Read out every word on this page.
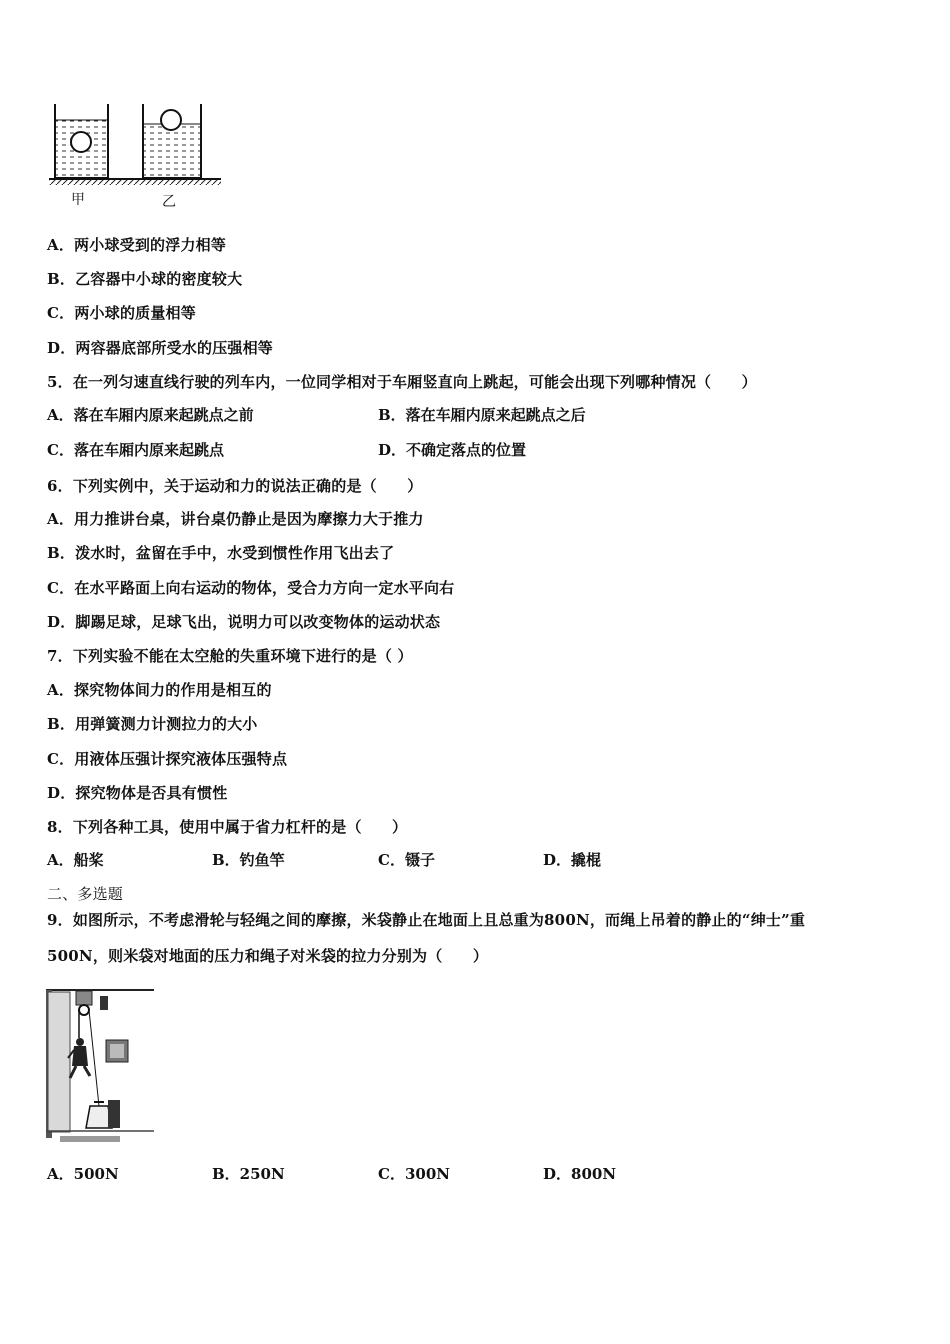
甲	乙
A．两小球受到的浮力相等
B．乙容器中小球的密度较大
C．两小球的质量相等
D．两容器底部所受水的压强相等
5．在一列匀速直线行驶的列车内，一位同学相对于车厢竖直向上跳起，可能会出现下列哪种情况（　　）
A．落在车厢内原来起跳点之前	B．落在车厢内原来起跳点之后
C．落在车厢内原来起跳点	D．不确定落点的位置
6．下列实例中，关于运动和力的说法正确的是（　　）
A．用力推讲台桌，讲台桌仍静止是因为摩擦力大于推力
B．泼水时，盆留在手中，水受到惯性作用飞出去了
C．在水平路面上向右运动的物体，受合力方向一定水平向右
D．脚踢足球，足球飞出，说明力可以改变物体的运动状态
7．下列实验不能在太空舱的失重环境下进行的是（ ）
A．探究物体间力的作用是相互的
B．用弹簧测力计测拉力的大小
C．用液体压强计探究液体压强特点
D．探究物体是否具有惯性
8．下列各种工具，使用中属于省力杠杆的是（　　）
A．船桨	B．钓鱼竿	C．镊子	D．撬棍
二、多选题
9．如图所示，不考虑滑轮与轻绳之间的摩擦，米袋静止在地面上且总重为800N，而绳上吊着的静止的“绅士”重
500N，则米袋对地面的压力和绳子对米袋的拉力分别为（　　）
A．500N	B．250N	C．300N	D．800N
